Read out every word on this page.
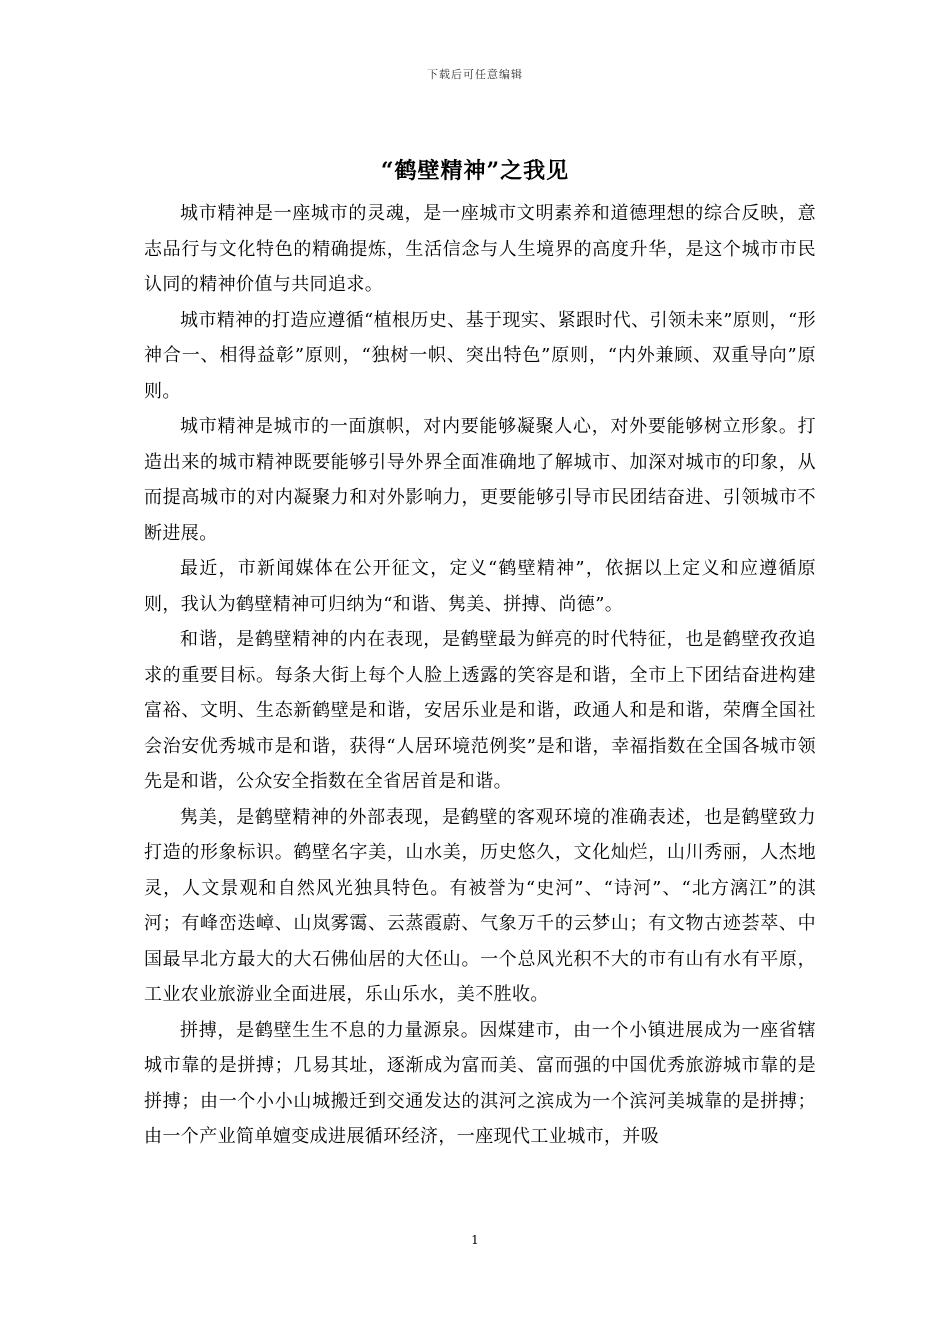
下载后可任意编辑
“鹤壁精神”之我见

城市精神是一座城市的灵魂，是一座城市文明素养和道德理想的综合反映，意志品行与文化特色的精确提炼，生活信念与人生境界的高度升华，是这个城市市民认同的精神价值与共同追求。

城市精神的打造应遵循“植根历史、基于现实、紧跟时代、引领未来”原则，“形神合一、相得益彰”原则，“独树一帜、突出特色”原则，“内外兼顾、双重导向”原则。

城市精神是城市的一面旗帜，对内要能够凝聚人心，对外要能够树立形象。打造出来的城市精神既要能够引导外界全面准确地了解城市、加深对城市的印象，从而提高城市的对内凝聚力和对外影响力，更要能够引导市民团结奋进、引领城市不断进展。

最近，市新闻媒体在公开征文，定义“鹤壁精神”，依据以上定义和应遵循原则，我认为鹤壁精神可归纳为“和谐、隽美、拼搏、尚德”。

和谐，是鹤壁精神的内在表现，是鹤壁最为鲜亮的时代特征，也是鹤壁孜孜追求的重要目标。每条大街上每个人脸上透露的笑容是和谐，全市上下团结奋进构建富裕、文明、生态新鹤壁是和谐，安居乐业是和谐，政通人和是和谐，荣膺全国社会治安优秀城市是和谐，获得“人居环境范例奖”是和谐，幸福指数在全国各城市领先是和谐，公众安全指数在全省居首是和谐。

隽美，是鹤壁精神的外部表现，是鹤壁的客观环境的准确表述，也是鹤壁致力打造的形象标识。鹤壁名字美，山水美，历史悠久，文化灿烂，山川秀丽，人杰地灵，人文景观和自然风光独具特色。有被誉为“史河”、“诗河”、“北方漓江”的淇河；有峰峦迭嶂、山岚雾霭、云蒸霞蔚、气象万千的云梦山；有文物古迹荟萃、中国最早北方最大的大石佛仙居的大伾山。一个总风光积不大的市有山有水有平原，工业农业旅游业全面进展，乐山乐水，美不胜收。

拼搏，是鹤壁生生不息的力量源泉。因煤建市，由一个小镇进展成为一座省辖城市靠的是拼搏；几易其址，逐渐成为富而美、富而强的中国优秀旅游城市靠的是拼搏；由一个小小山城搬迁到交通发达的淇河之滨成为一个滨河美城靠的是拼搏；由一个产业简单嬗变成进展循环经济，一座现代工业城市，并吸

1
